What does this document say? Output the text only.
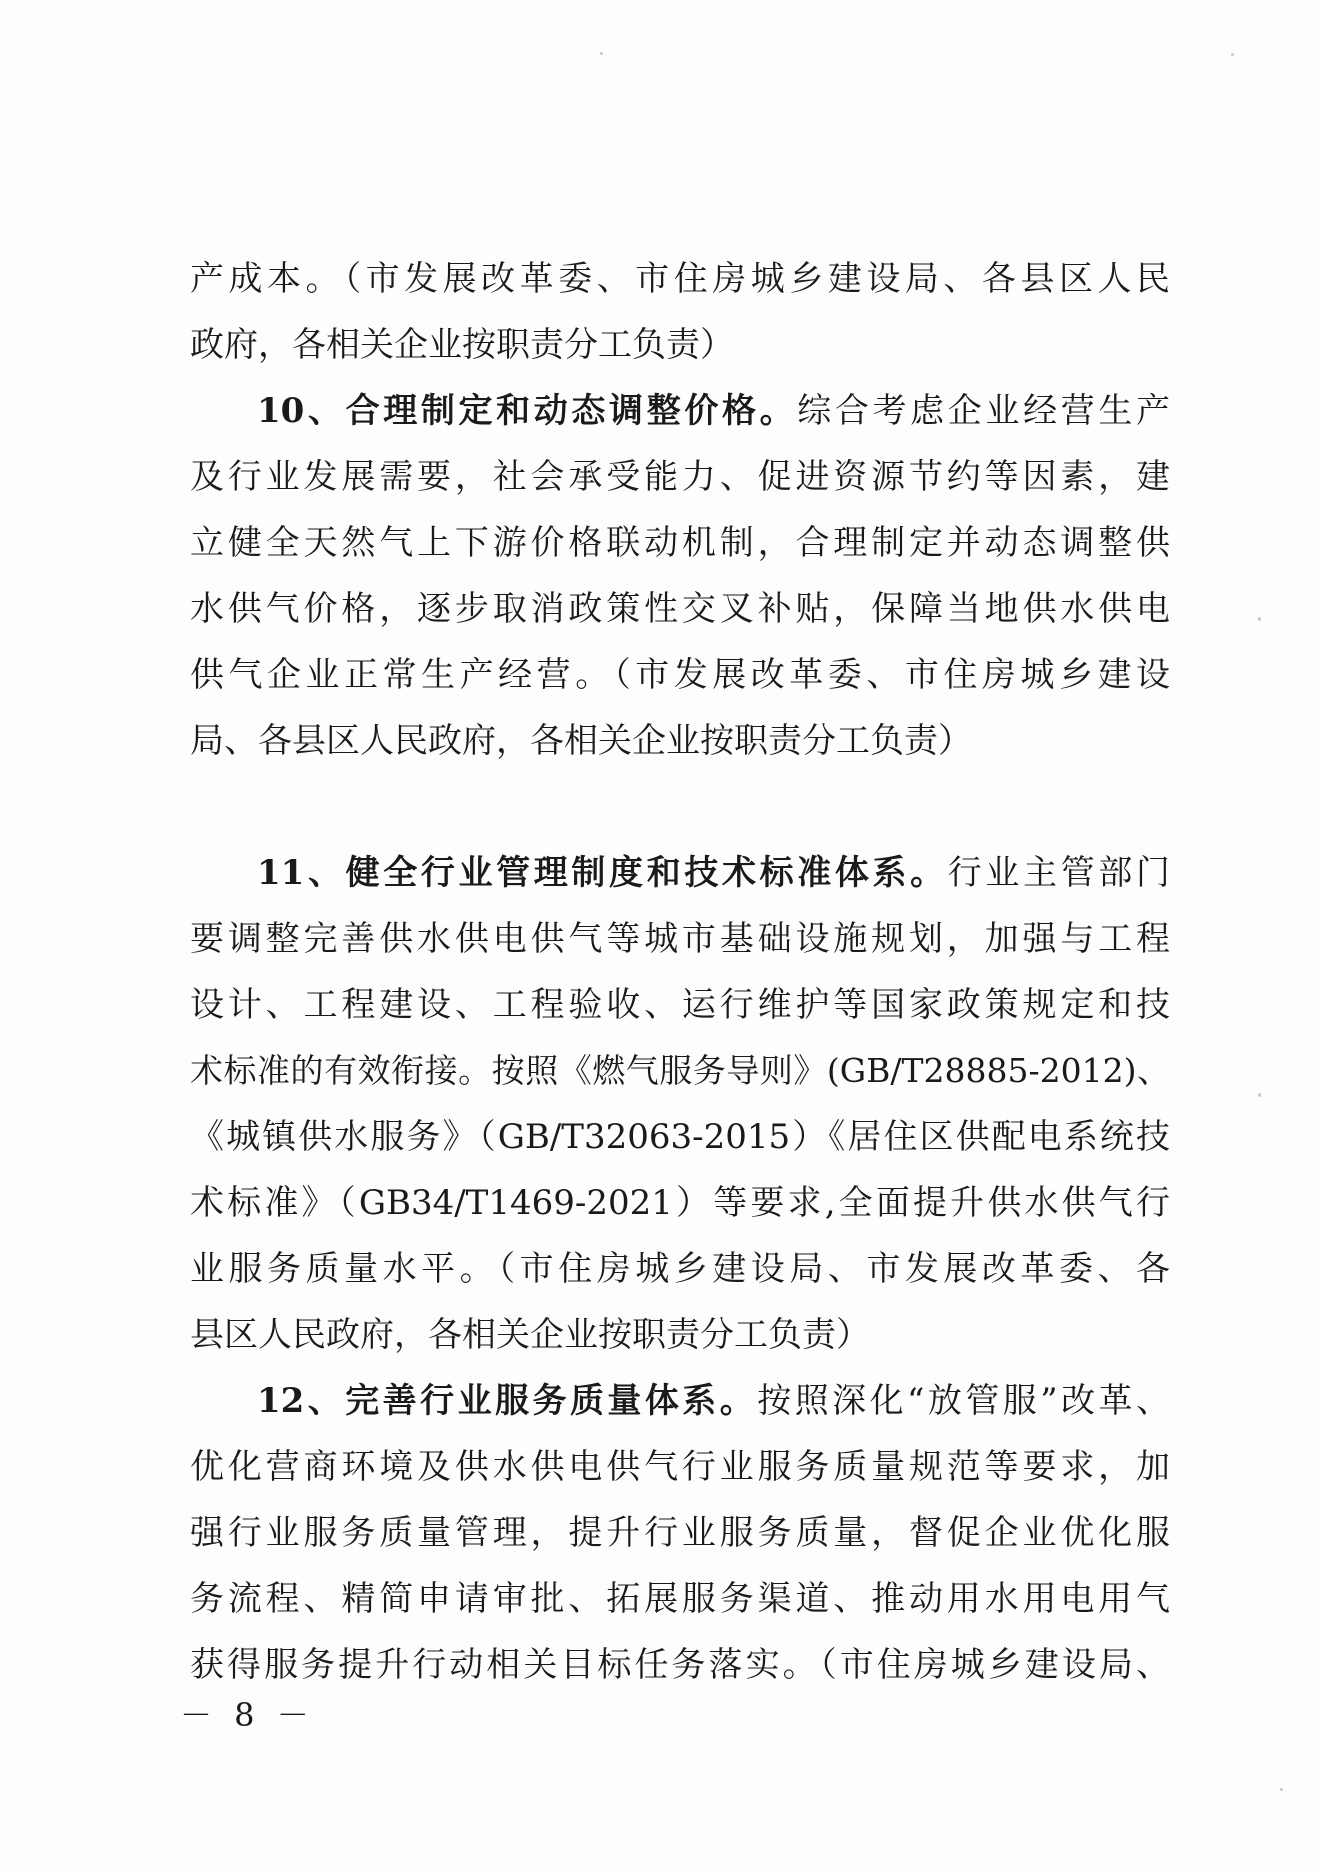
产成本。（市发展改革委、市住房城乡建设局、各县区人民
政府，各相关企业按职责分工负责）
10、合理制定和动态调整价格。综合考虑企业经营生产
及行业发展需要，社会承受能力、促进资源节约等因素，建
立健全天然气上下游价格联动机制，合理制定并动态调整供
水供气价格，逐步取消政策性交叉补贴，保障当地供水供电
供气企业正常生产经营。（市发展改革委、市住房城乡建设
局、各县区人民政府，各相关企业按职责分工负责）
11、健全行业管理制度和技术标准体系。行业主管部门
要调整完善供水供电供气等城市基础设施规划，加强与工程
设计、工程建设、工程验收、运行维护等国家政策规定和技
术标准的有效衔接。按照《燃气服务导则》(GB/T28885-2012)、
《城镇供水服务》（GB/T32063-2015）《居住区供配电系统技
术标准》（GB34/T1469-2021）等要求,全面提升供水供气行
业服务质量水平。（市住房城乡建设局、市发展改革委、各
县区人民政府，各相关企业按职责分工负责）
12、完善行业服务质量体系。按照深化“放管服”改革、
优化营商环境及供水供电供气行业服务质量规范等要求，加
强行业服务质量管理，提升行业服务质量，督促企业优化服
务流程、精简申请审批、拓展服务渠道、推动用水用电用气
获得服务提升行动相关目标任务落实。（市住房城乡建设局、
－ 8 －
